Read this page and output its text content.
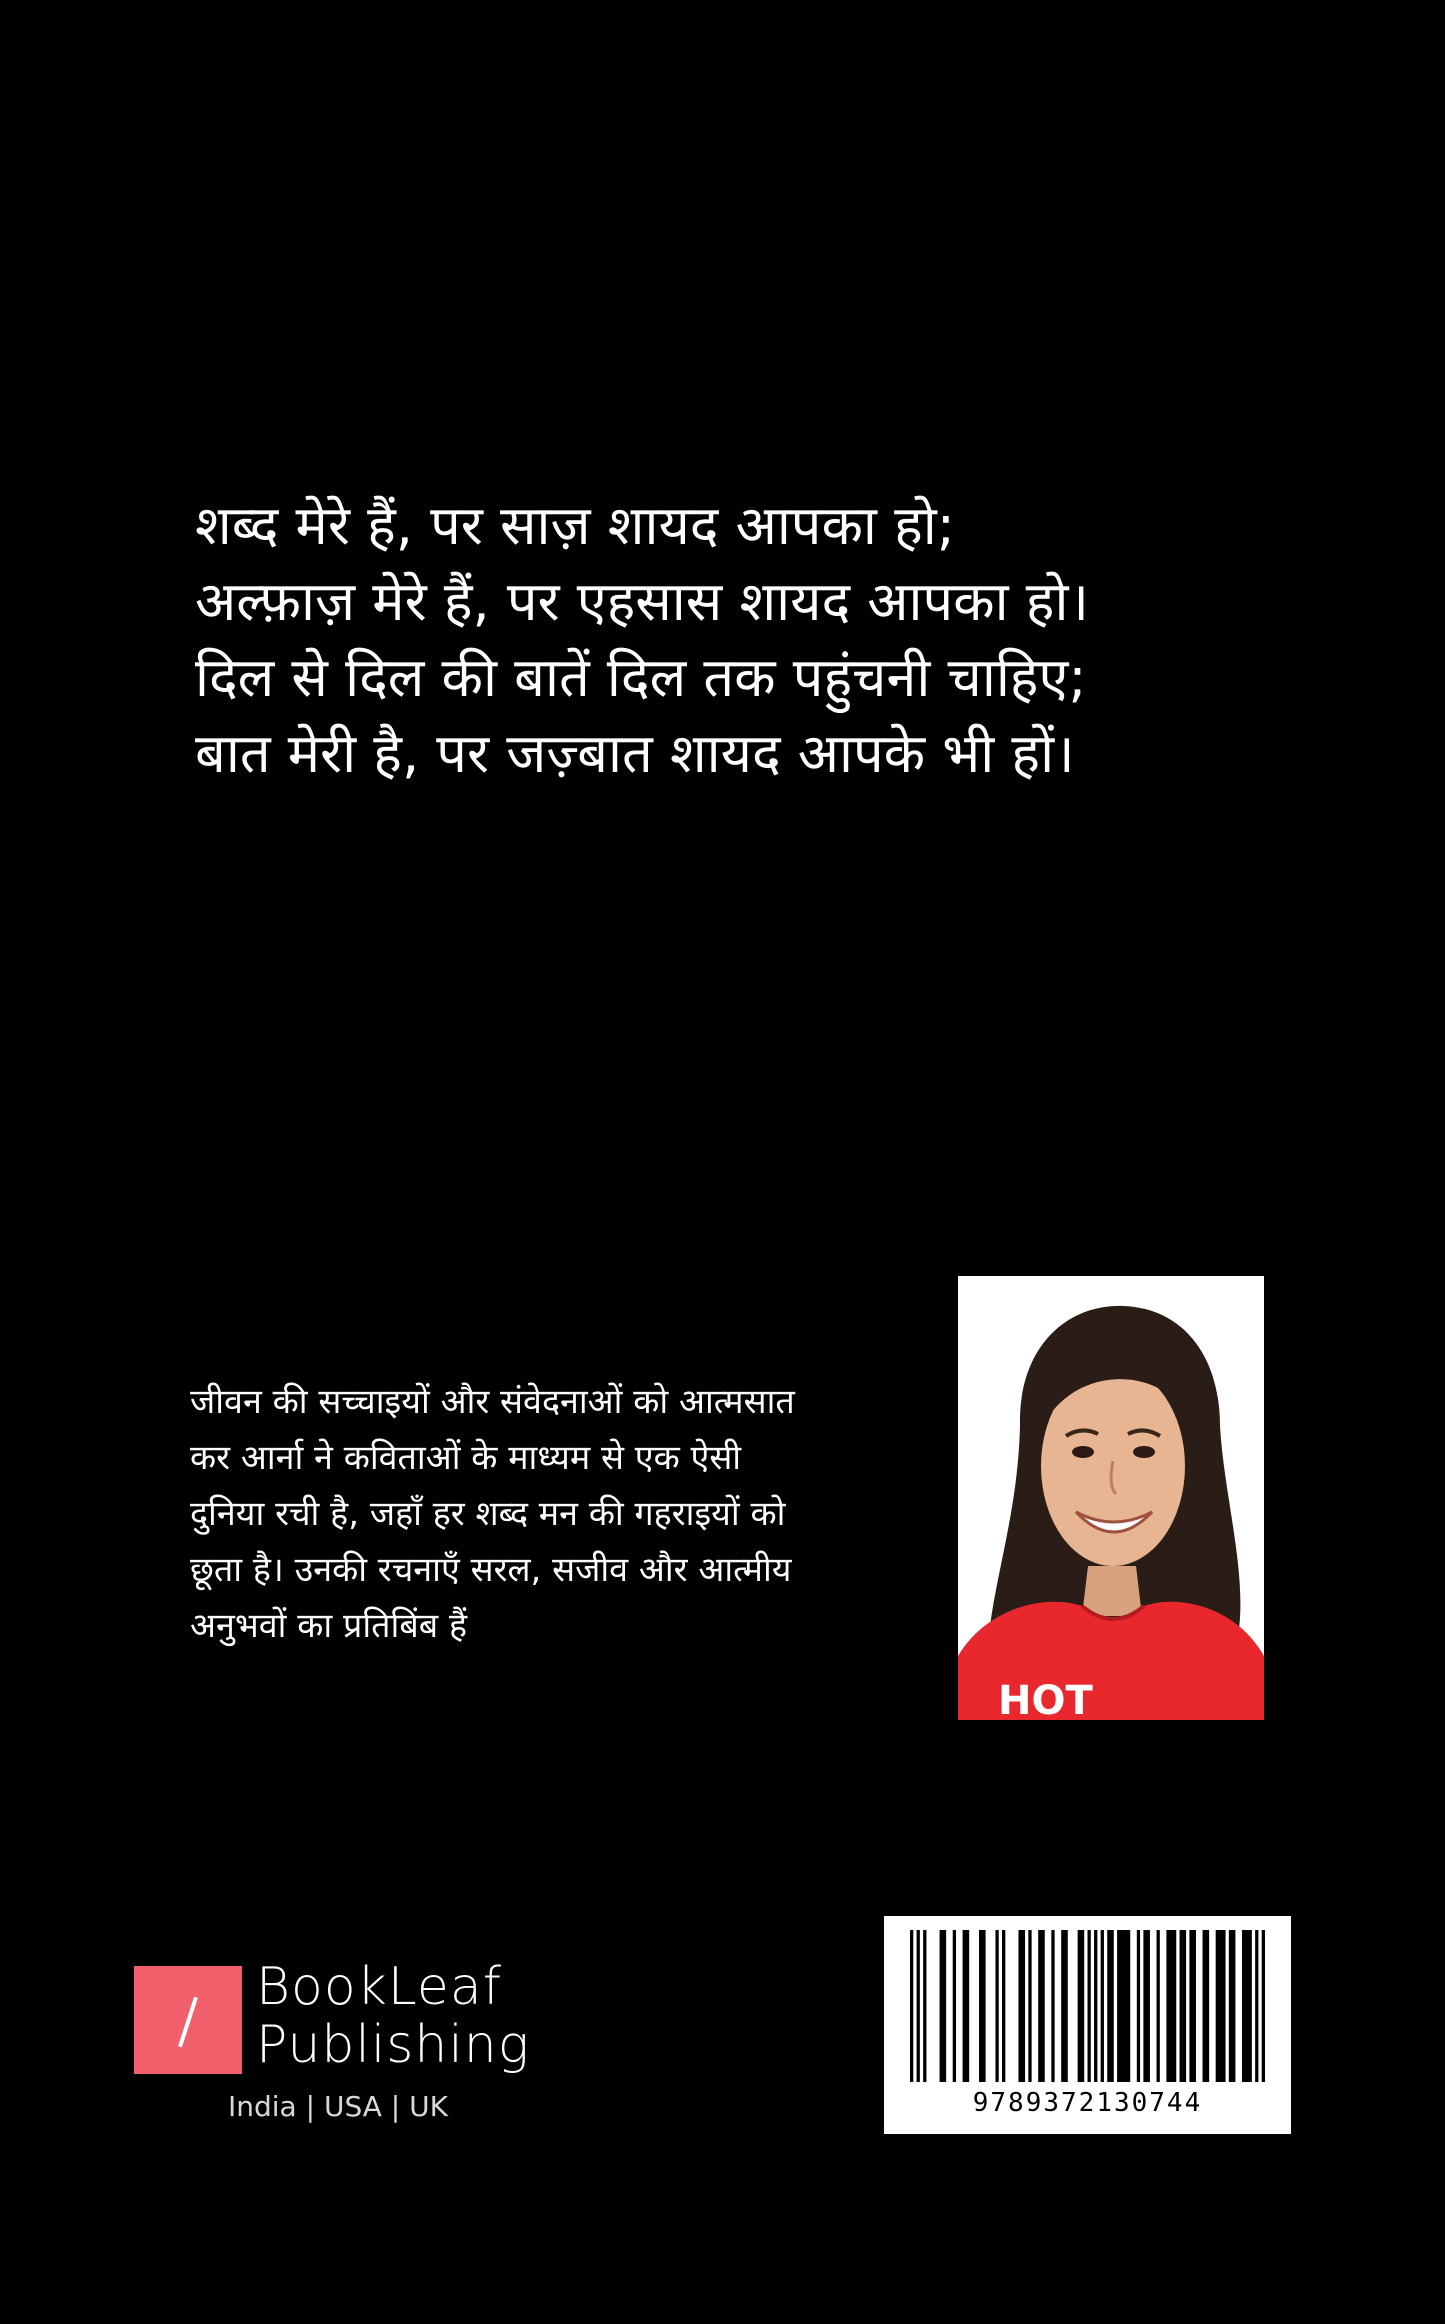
शब्द मेरे हैं, पर साज़ शायद आपका हो;
अल्फ़ाज़ मेरे हैं, पर एहसास शायद आपका हो।
दिल से दिल की बातें दिल तक पहुंचनी चाहिए;
बात मेरी है, पर जज़्बात शायद आपके भी हों।
जीवन की सच्चाइयों और संवेदनाओं को आत्मसात
कर आर्ना ने कविताओं के माध्यम से एक ऐसी
दुनिया रची है, जहाँ हर शब्द मन की गहराइयों को
छूता है। उनकी रचनाएँ सरल, सजीव और आत्मीय
अनुभवों का प्रतिबिंब हैं
HOT
BookLeaf
Publishing
India | USA | UK	9789372130744
